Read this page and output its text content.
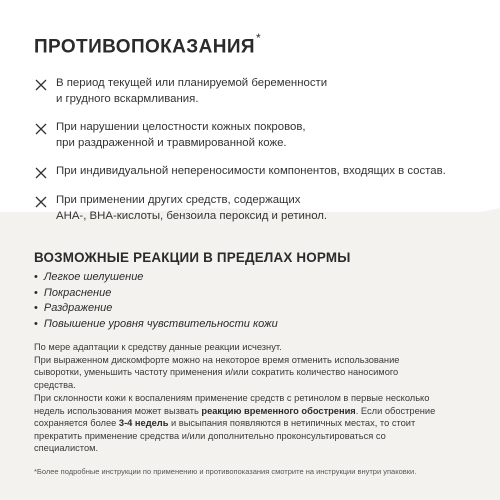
ПРОТИВОПОКАЗАНИЯ*
В период текущей или планируемой беременности
и грудного вскармливания.
При нарушении целостности кожных покровов,
при раздраженной и травмированной коже.
При индивидуальной непереносимости компонентов, входящих в состав.
При применении других средств, содержащих
AHA-, BHA-кислоты, бензоила пероксид и ретинол.
ВОЗМОЖНЫЕ РЕАКЦИИ В ПРЕДЕЛАХ НОРМЫ
• Легкое шелушение
• Покраснение
• Раздражение
• Повышение уровня чувствительности кожи
По мере адаптации к средству данные реакции исчезнут.
При выраженном дискомфорте можно на некоторое время отменить использование
сыворотки, уменьшить частоту применения и/или сократить количество наносимого
средства.
При склонности кожи к воспалениям применение средств с ретинолом в первые несколько
недель использования может вызвать реакцию временного обострения. Если обострение
сохраняется более 3-4 недель и высыпания появляются в нетипичных местах, то стоит
прекратить применение средства и/или дополнительно проконсультироваться со
специалистом.
*Более подробные инструкции по применению и противопоказания смотрите на инструкции внутри упаковки.
